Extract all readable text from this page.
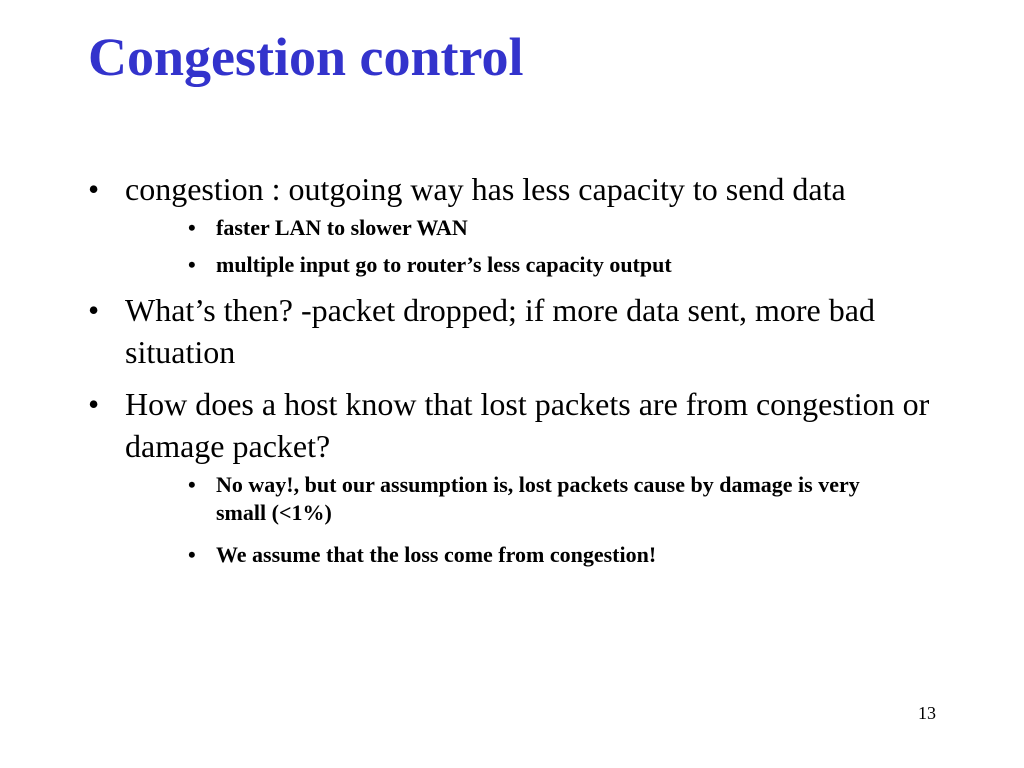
Congestion control
• congestion : outgoing way has less capacity to send data
• faster LAN to slower WAN
• multiple input go to router’s less capacity output
• What’s then? -packet dropped; if more data sent, more bad situation
• How does a host know that lost packets are from congestion or damage packet?
• No way!, but our assumption is, lost packets cause by damage is very small (<1%)
• We assume that the loss come from congestion!
13
